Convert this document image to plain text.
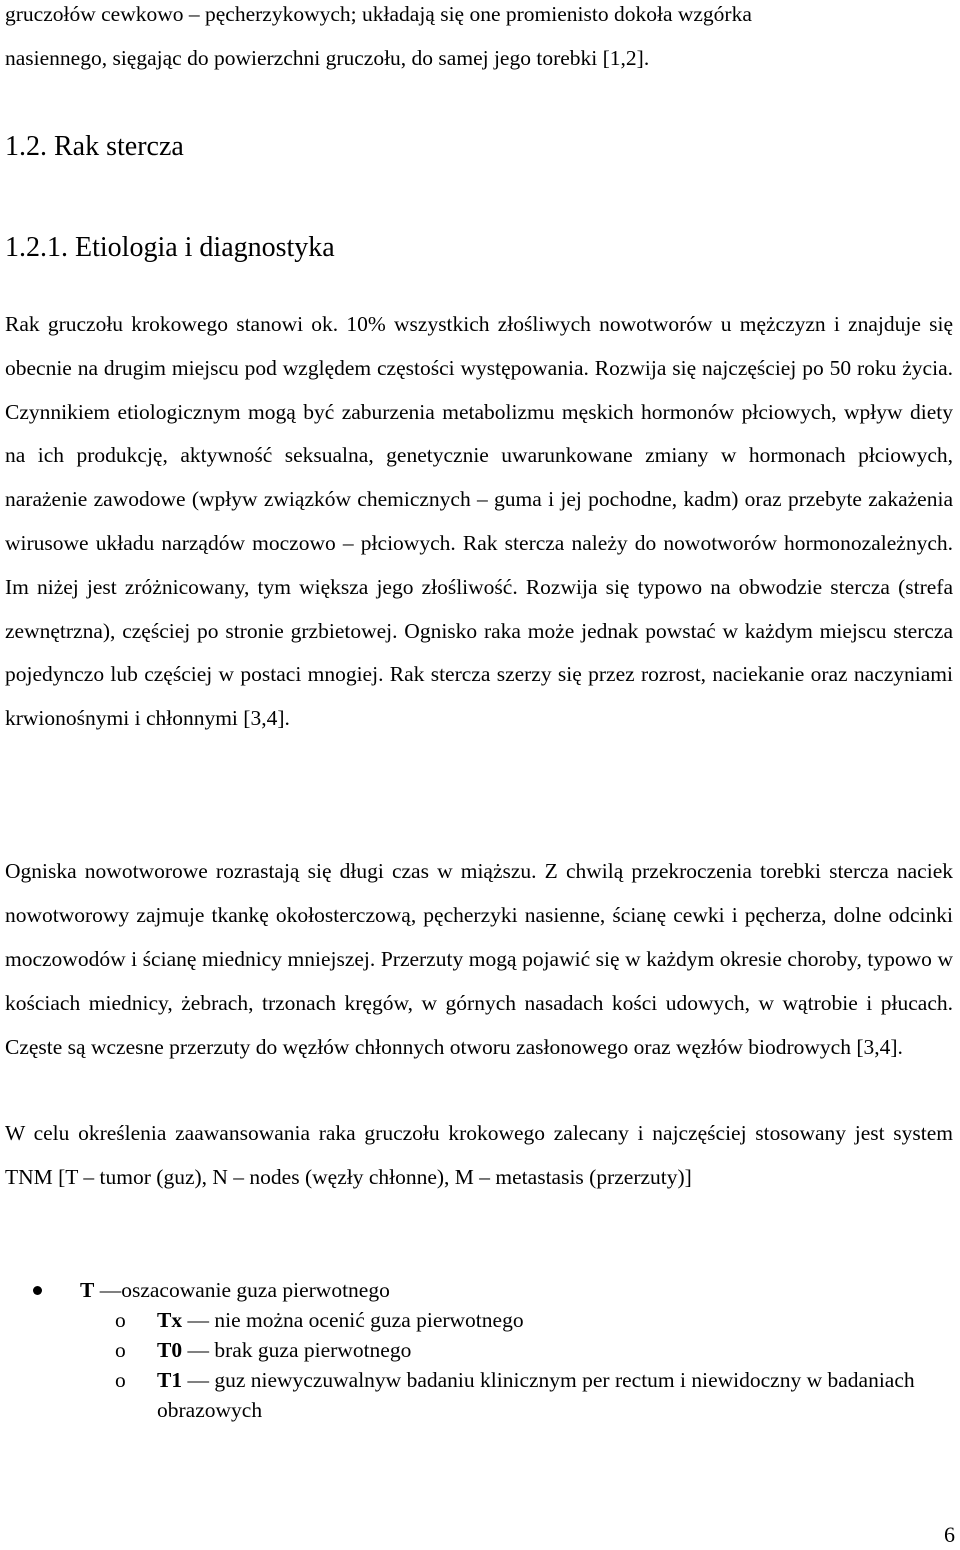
gruczołów cewkowo – pęcherzykowych; układają się one promienisto dokoła wzgórka
nasiennego, sięgając do powierzchni gruczołu, do samej jego torebki [1,2].
1.2. Rak stercza
1.2.1. Etiologia i diagnostyka
Rak gruczołu krokowego stanowi ok. 10% wszystkich złośliwych nowotworów u mężczyzn i znajduje się obecnie na drugim miejscu pod względem częstości występowania. Rozwija się najczęściej po 50 roku życia. Czynnikiem etiologicznym mogą być zaburzenia metabolizmu męskich hormonów płciowych, wpływ diety na ich produkcję, aktywność seksualna, genetycznie uwarunkowane zmiany w hormonach płciowych, narażenie zawodowe (wpływ związków chemicznych – guma i jej pochodne, kadm) oraz przebyte zakażenia wirusowe układu narządów moczowo – płciowych. Rak stercza należy do nowotworów hormonozależnych. Im niżej jest zróżnicowany, tym większa jego złośliwość. Rozwija się typowo na obwodzie stercza (strefa zewnętrzna), częściej po stronie grzbietowej. Ognisko raka może jednak powstać w każdym miejscu stercza pojedynczo lub częściej w postaci mnogiej. Rak stercza szerzy się przez rozrost, naciekanie oraz naczyniami krwionośnymi i chłonnymi [3,4].
Ogniska nowotworowe rozrastają się długi czas w miąższu. Z chwilą przekroczenia torebki stercza naciek nowotworowy zajmuje tkankę okołosterczową, pęcherzyki nasienne, ścianę cewki i pęcherza, dolne odcinki moczowodów i ścianę miednicy mniejszej. Przerzuty mogą pojawić się w każdym okresie choroby, typowo w kościach miednicy, żebrach, trzonach kręgów, w górnych nasadach kości udowych, w wątrobie i płucach. Częste są wczesne przerzuty do węzłów chłonnych otworu zasłonowego oraz węzłów biodrowych [3,4].
W celu określenia zaawansowania raka gruczołu krokowego zalecany i najczęściej stosowany jest system TNM [T – tumor (guz), N – nodes (węzły chłonne), M – metastasis (przerzuty)]
T —oszacowanie guza pierwotnego
o Tx — nie można ocenić guza pierwotnego
o T0 — brak guza pierwotnego
o T1 — guz niewyczuwalnyw badaniu klinicznym per rectum i niewidoczny w badaniach obrazowych
6
